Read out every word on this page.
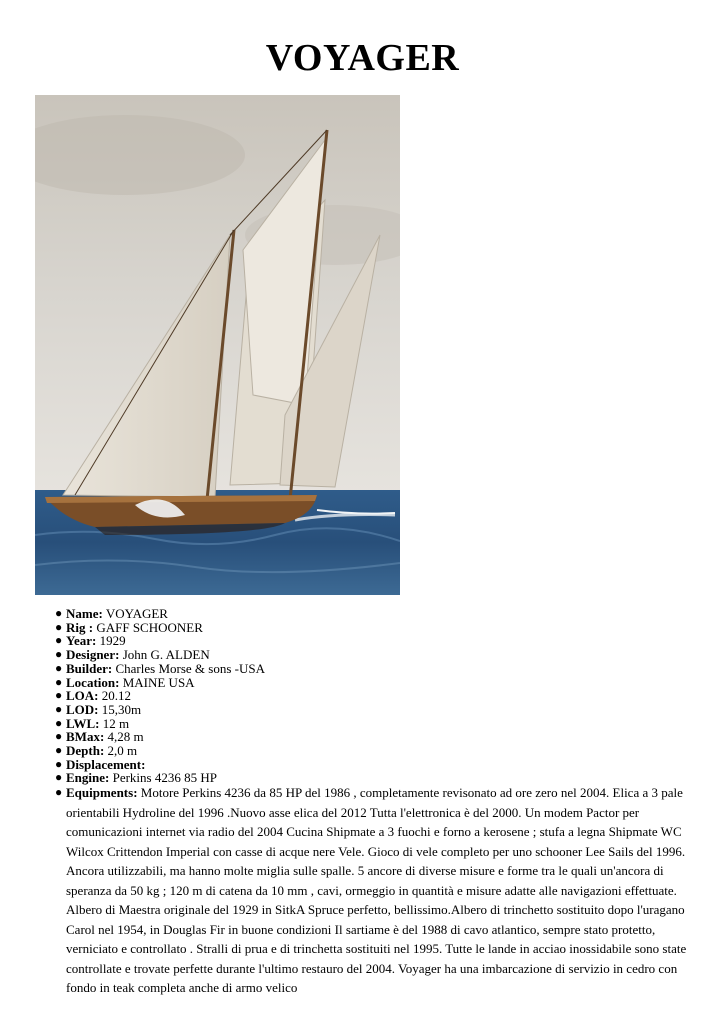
VOYAGER
● Name: VOYAGER
● Rig : GAFF SCHOONER
● Year: 1929
● Designer: John G. ALDEN
● Builder: Charles Morse & sons -USA
● Location: MAINE USA
● LOA: 20.12
● LOD: 15,30m
● LWL: 12 m
● BMax: 4,28 m
● Depth: 2,0 m
● Displacement:
● Engine: Perkins 4236 85 HP
● Equipments: Motore Perkins 4236 da 85 HP del 1986 , completamente revisonato ad ore zero nel 2004. Elica a 3 pale orientabili Hydroline del 1996 .Nuovo asse elica del 2012 Tutta l'elettronica è del 2000. Un modem Pactor per comunicazioni internet via radio del 2004 Cucina Shipmate a 3 fuochi e forno a kerosene ; stufa a legna Shipmate WC Wilcox Crittendon Imperial con casse di acque nere Vele. Gioco di vele completo per uno schooner Lee Sails del 1996. Ancora utilizzabili, ma hanno molte miglia sulle spalle. 5 ancore di diverse misure e forme tra le quali un'ancora di speranza da 50 kg ; 120 m di catena da 10 mm , cavi, ormeggio in quantità e misure adatte alle navigazioni effettuate. Albero di Maestra originale del 1929 in SitkA Spruce perfetto, bellissimo.Albero di trinchetto sostituito dopo l'uragano Carol nel 1954, in Douglas Fir in buone condizioni Il sartiame è del 1988 di cavo atlantico, sempre stato protetto, verniciato e controllato . Stralli di prua e di trinchetta sostituiti nel 1995. Tutte le lande in acciao inossidabile sono state controllate e trovate perfette durante l'ultimo restauro del 2004. Voyager ha una imbarcazione di servizio in cedro con fondo in teak completa anche di armo velico
